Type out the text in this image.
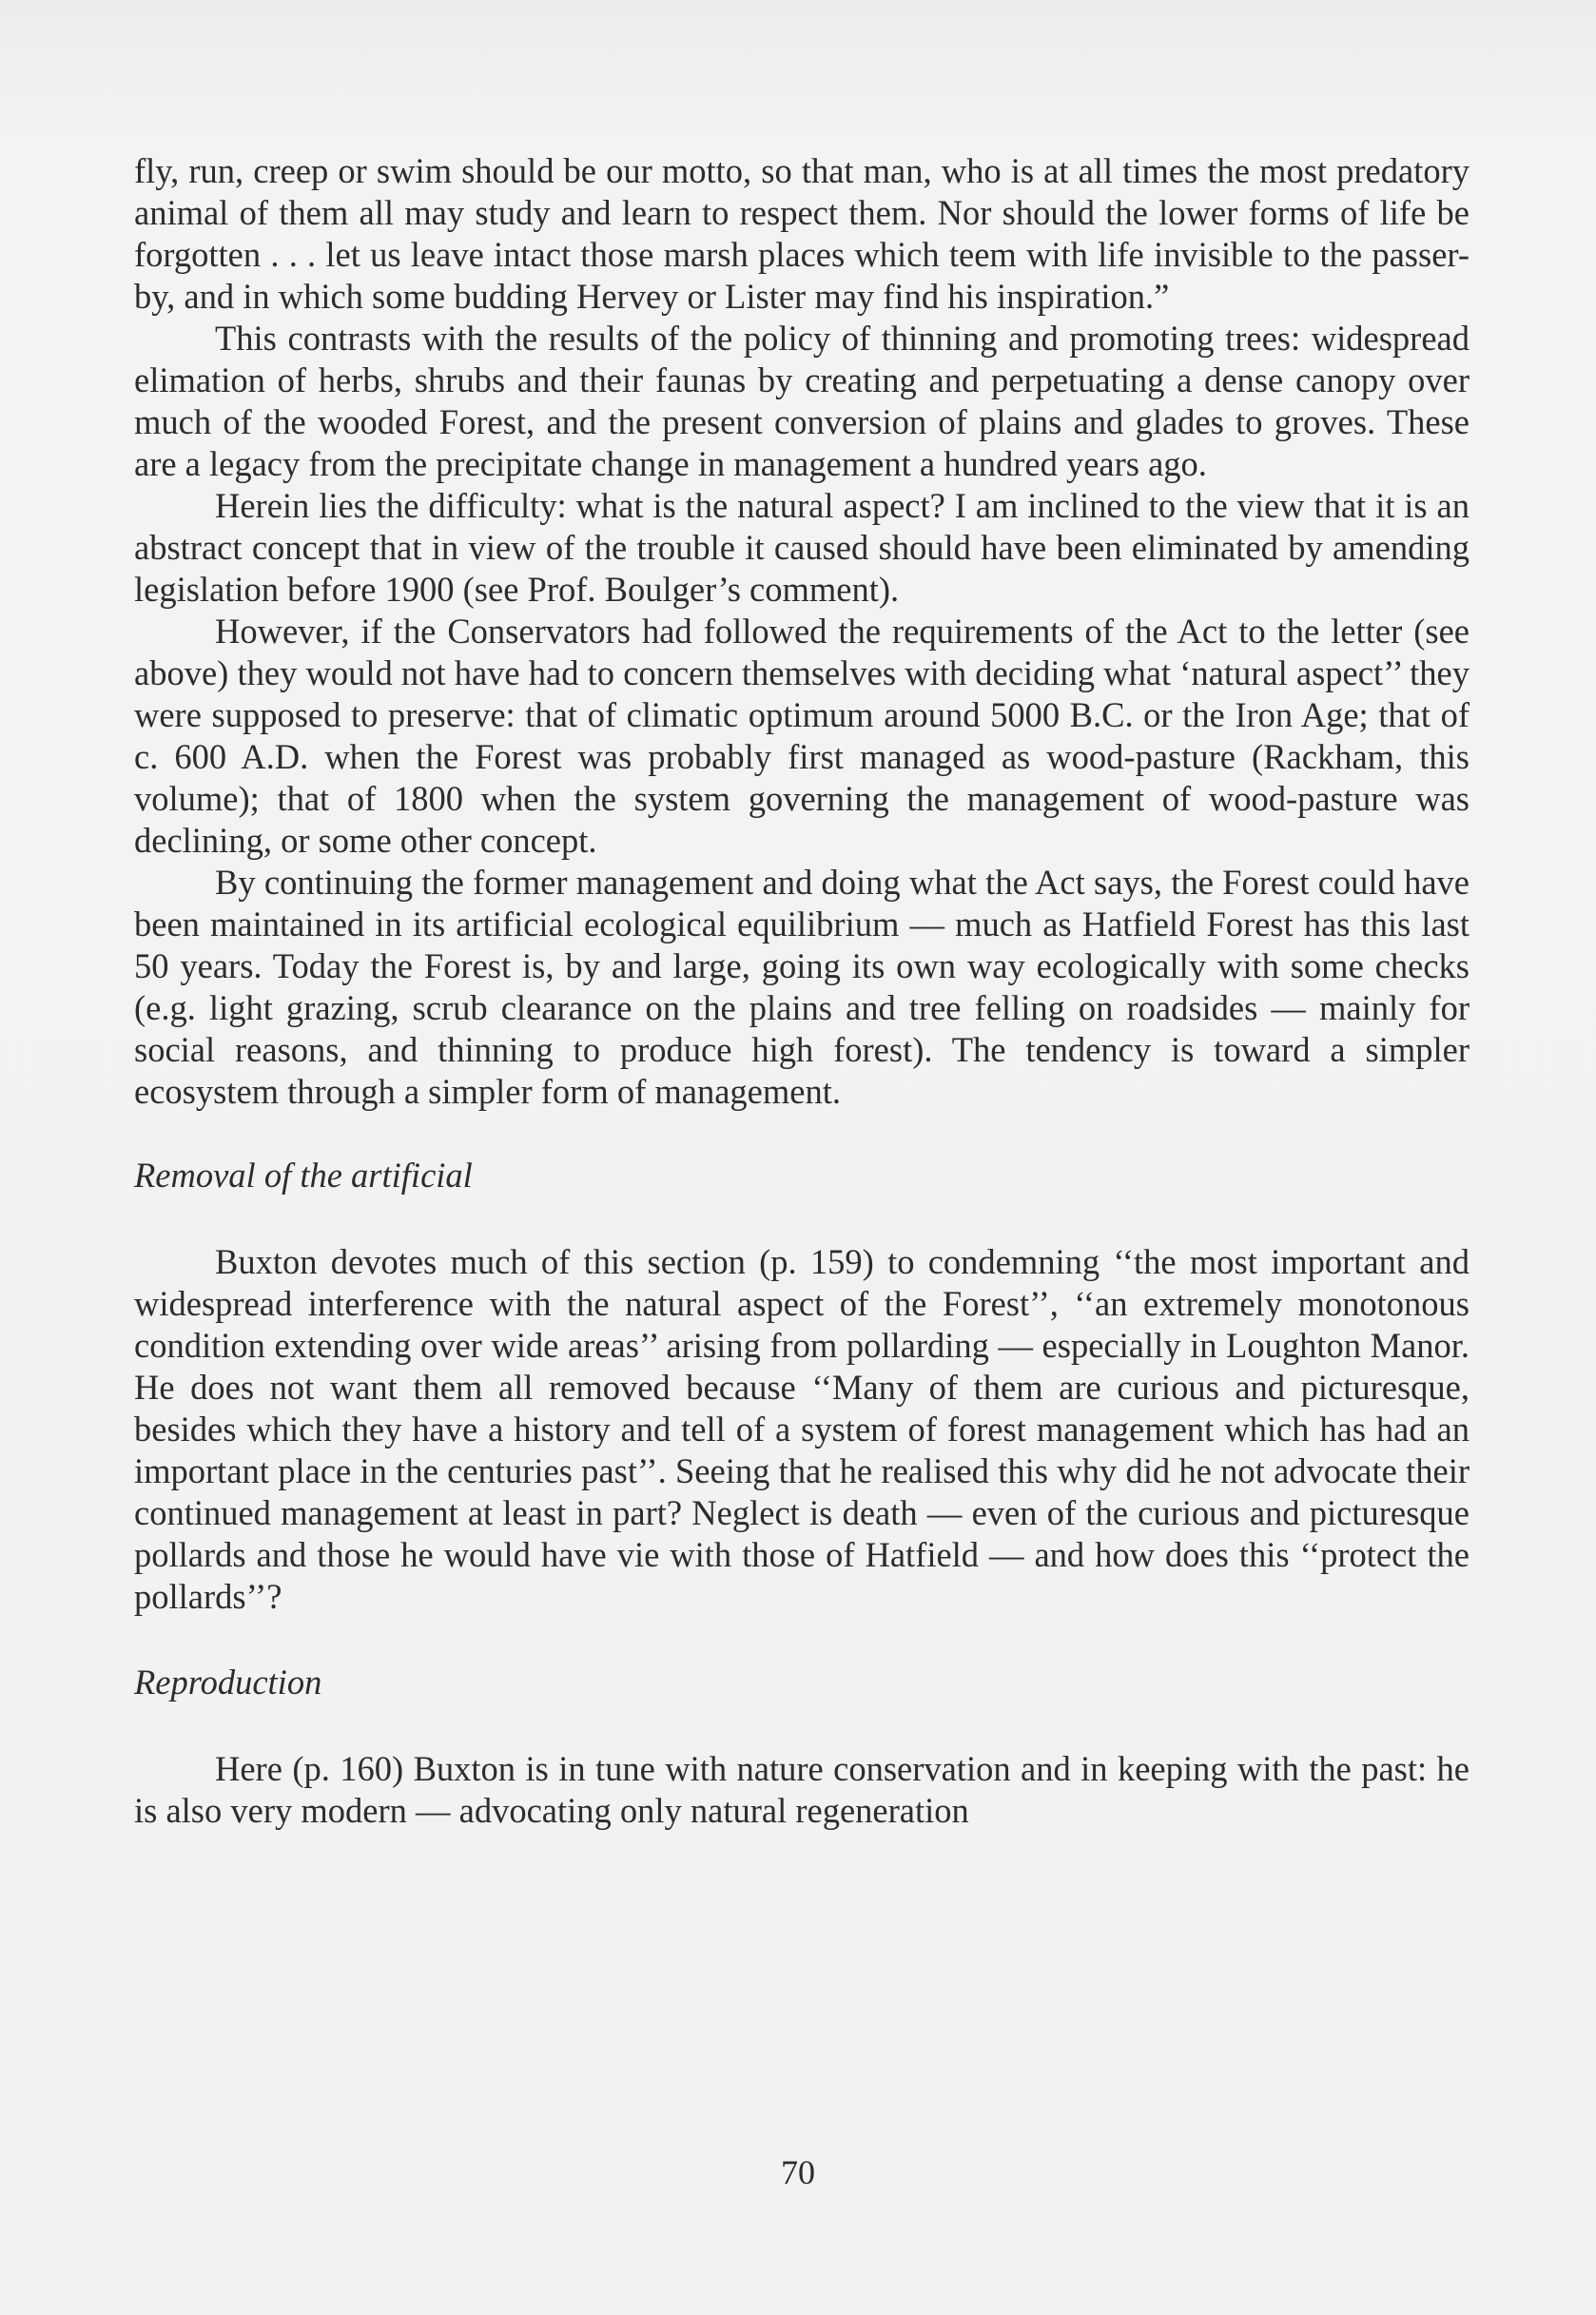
fly, run, creep or swim should be our motto, so that man, who is at all times the most predatory animal of them all may study and learn to respect them. Nor should the lower forms of life be forgotten . . . let us leave intact those marsh places which teem with life invisible to the passer-by, and in which some budding Hervey or Lister may find his inspiration.”

This contrasts with the results of the policy of thinning and promoting trees: widespread elimation of herbs, shrubs and their faunas by creating and perpetuating a dense canopy over much of the wooded Forest, and the present conversion of plains and glades to groves. These are a legacy from the precipitate change in management a hundred years ago.

Herein lies the difficulty: what is the natural aspect? I am inclined to the view that it is an abstract concept that in view of the trouble it caused should have been eliminated by amending legislation before 1900 (see Prof. Boulger’s comment).

However, if the Conservators had followed the requirements of the Act to the letter (see above) they would not have had to concern themselves with deciding what ‘natural aspect’’ they were supposed to preserve: that of climatic optimum around 5000 B.C. or the Iron Age; that of c. 600 A.D. when the Forest was probably first managed as wood-pasture (Rackham, this volume); that of 1800 when the system governing the management of wood-pasture was declining, or some other concept.

By continuing the former management and doing what the Act says, the Forest could have been maintained in its artificial ecological equilibrium — much as Hatfield Forest has this last 50 years. Today the Forest is, by and large, going its own way ecologically with some checks (e.g. light grazing, scrub clearance on the plains and tree felling on roadsides — mainly for social reasons, and thinning to produce high forest). The tendency is toward a simpler ecosystem through a simpler form of management.

Removal of the artificial

Buxton devotes much of this section (p. 159) to condemning ‘‘the most important and widespread interference with the natural aspect of the Forest’’, ‘‘an extremely monotonous condition extending over wide areas’’ arising from pollarding — especially in Loughton Manor. He does not want them all removed because ‘‘Many of them are curious and picturesque, besides which they have a history and tell of a system of forest management which has had an important place in the centuries past’’. Seeing that he realised this why did he not advocate their continued management at least in part? Neglect is death — even of the curious and picturesque pollards and those he would have vie with those of Hatfield — and how does this ‘‘protect the pollards’’?

Reproduction

Here (p. 160) Buxton is in tune with nature conservation and in keeping with the past: he is also very modern — advocating only natural regeneration

70
